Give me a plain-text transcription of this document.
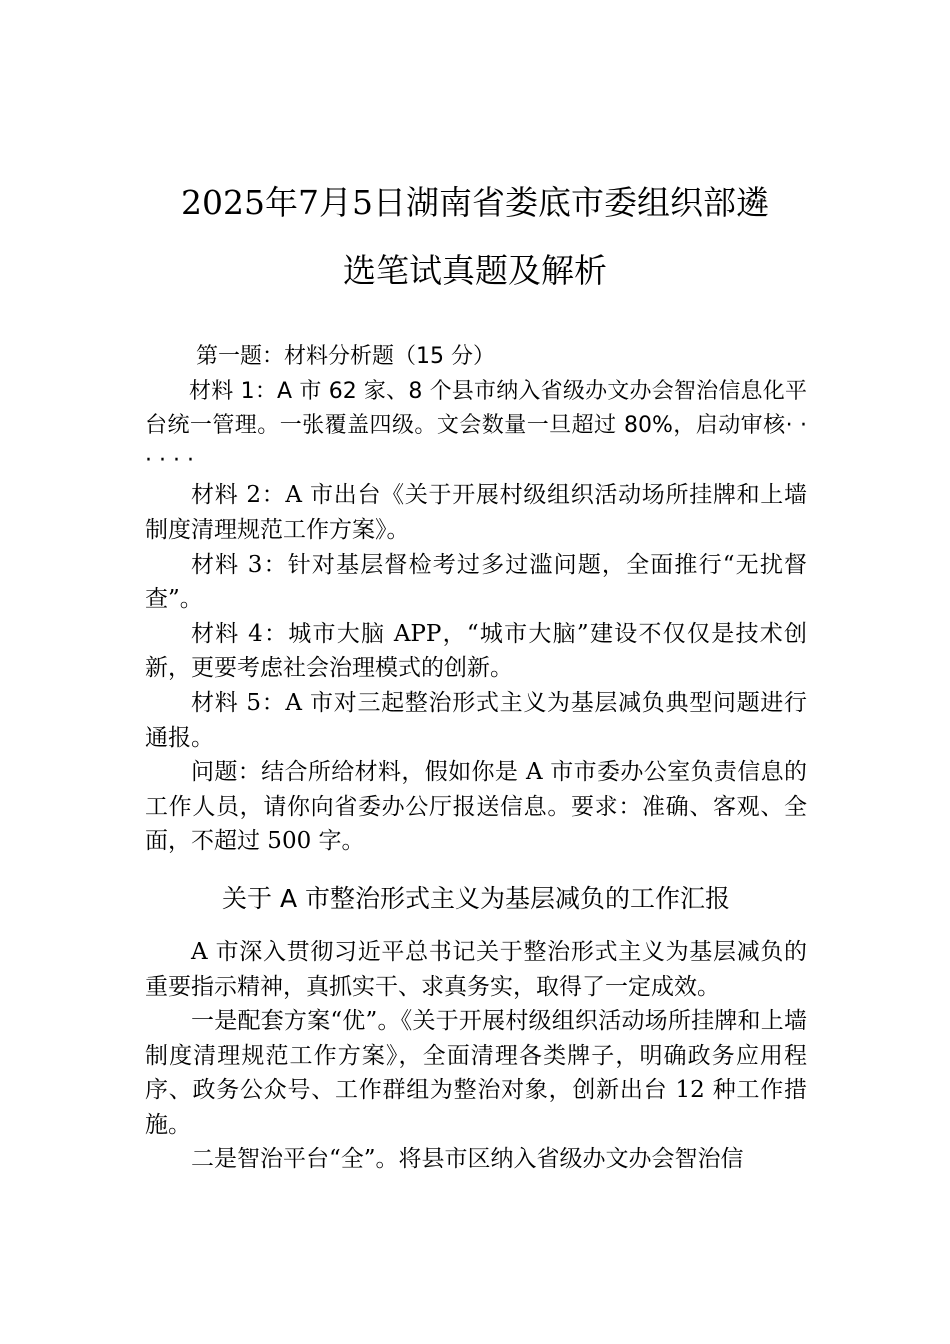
2025年7月5日湖南省娄底市委组织部遴
选笔试真题及解析

第一题：材料分析题（15 分）

材料 1：A 市 62 家、8 个县市纳入省级办文办会智治信息化平台统一管理。一张覆盖四级。文会数量一旦超过 80%，启动审核· · · · · ·

材料 2：A 市出台《关于开展村级组织活动场所挂牌和上墙制度清理规范工作方案》。

材料 3：针对基层督检考过多过滥问题，全面推行“无扰督查”。

材料 4：城市大脑 APP，“城市大脑”建设不仅仅是技术创新，更要考虑社会治理模式的创新。

材料 5：A 市对三起整治形式主义为基层减负典型问题进行通报。

问题：结合所给材料，假如你是 A 市市委办公室负责信息的工作人员，请你向省委办公厅报送信息。要求：准确、客观、全面，不超过 500 字。

关于 A 市整治形式主义为基层减负的工作汇报

A 市深入贯彻习近平总书记关于整治形式主义为基层减负的重要指示精神，真抓实干、求真务实，取得了一定成效。

一是配套方案“优”。《关于开展村级组织活动场所挂牌和上墙制度清理规范工作方案》，全面清理各类牌子，明确政务应用程序、政务公众号、工作群组为整治对象，创新出台 12 种工作措施。

二是智治平台“全”。将县市区纳入省级办文办会智治信
